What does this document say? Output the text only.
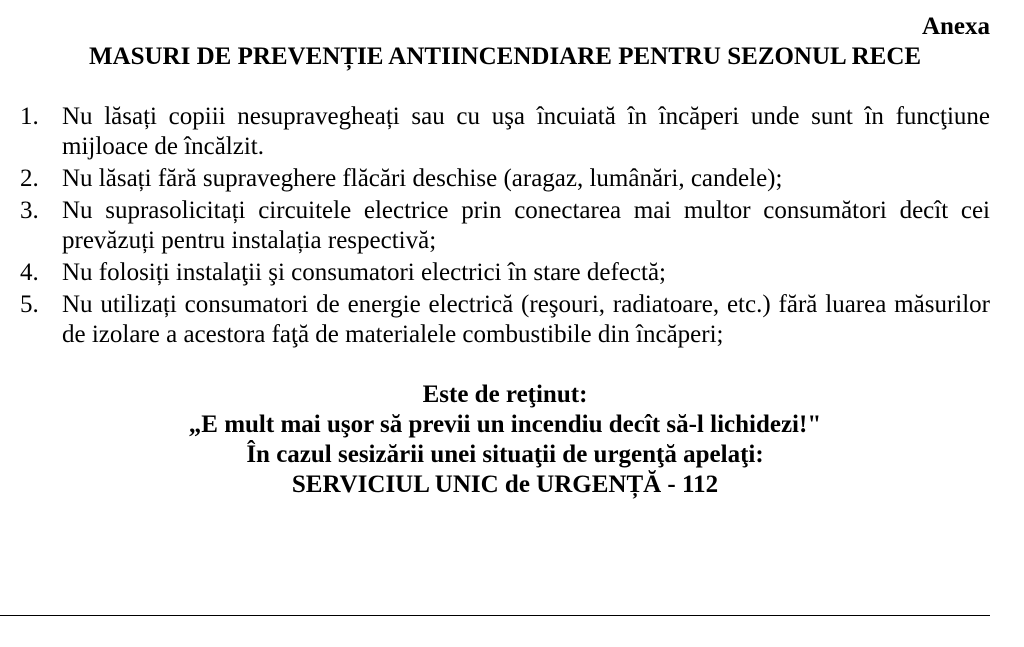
Anexa
MASURI DE PREVENȚIE ANTIINCENDIARE PENTRU SEZONUL RECE
1. Nu lăsați copiii nesupravegheați sau cu uşa încuiată în încăperi unde sunt în funcţiune mijloace de încălzit.
2. Nu lăsați fără supraveghere flăcări deschise (aragaz, lumânări, candele);
3. Nu suprasolicitați circuitele electrice prin conectarea mai multor consumători decît cei prevăzuți pentru instalația respectivă;
4. Nu folosiți instalaţii şi consumatori electrici în stare defectă;
5. Nu utilizați consumatori de energie electrică (reşouri, radiatoare, etc.) fără luarea măsurilor de izolare a acestora faţă de materialele combustibile din încăperi;
Este de reţinut:
„E mult mai uşor să previi un incendiu decît să-l lichidezi!"
În cazul sesizării unei situaţii de urgenţă apelaţi:
SERVICIUL UNIC de URGENȚĂ - 112
